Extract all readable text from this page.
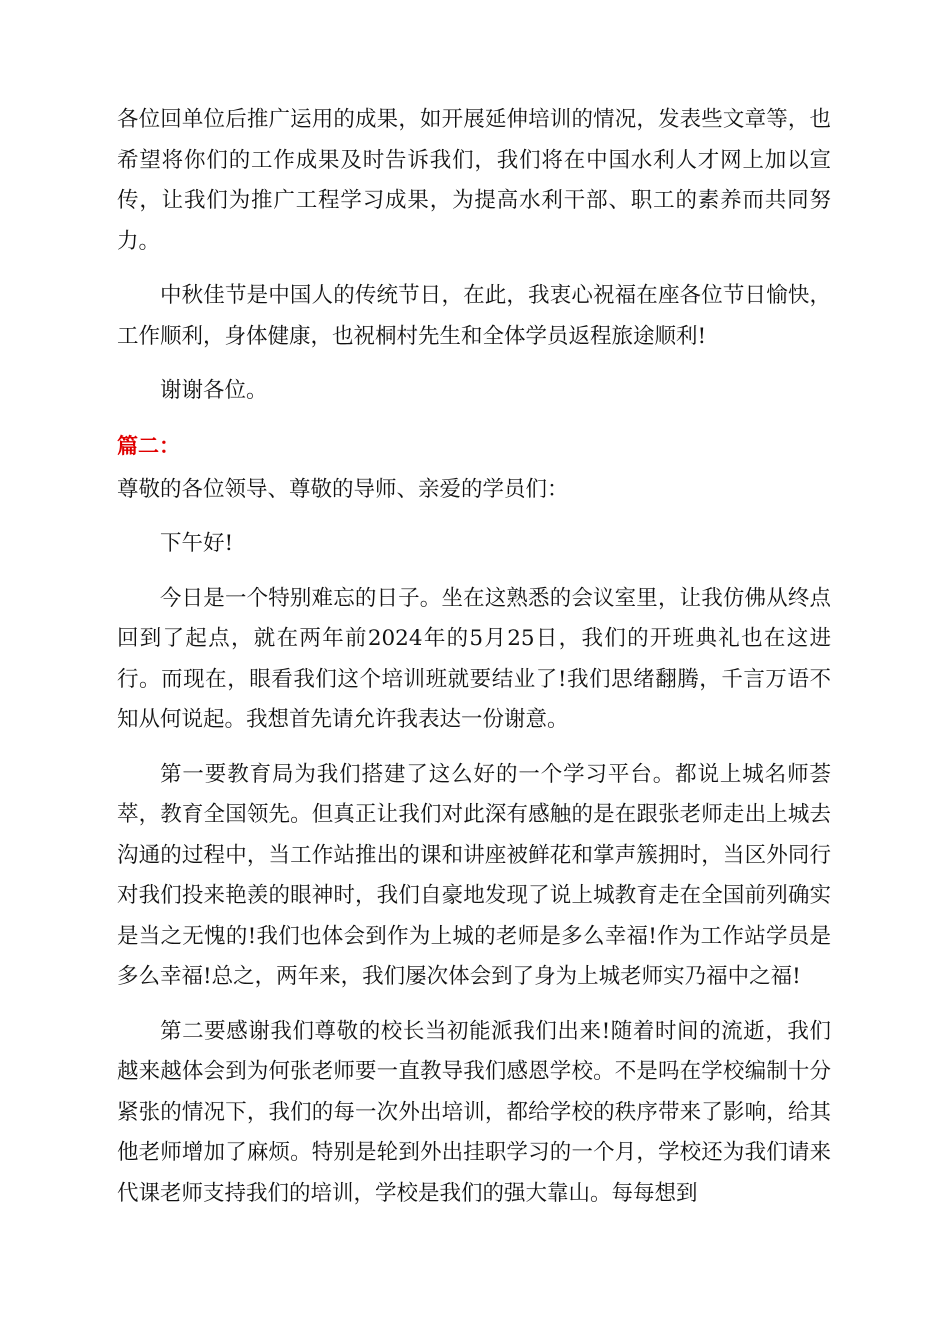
各位回单位后推广运用的成果，如开展延伸培训的情况，发表些文章等，也希望将你们的工作成果及时告诉我们，我们将在中国水利人才网上加以宣传，让我们为推广工程学习成果，为提高水利干部、职工的素养而共同努力。

中秋佳节是中国人的传统节日，在此，我衷心祝福在座各位节日愉快，工作顺利，身体健康，也祝桐村先生和全体学员返程旅途顺利!

谢谢各位。

篇二：

尊敬的各位领导、尊敬的导师、亲爱的学员们：

下午好!

今日是一个特别难忘的日子。坐在这熟悉的会议室里，让我仿佛从终点回到了起点，就在两年前2024年的5月25日，我们的开班典礼也在这进行。而现在，眼看我们这个培训班就要结业了!我们思绪翻腾，千言万语不知从何说起。我想首先请允许我表达一份谢意。

第一要教育局为我们搭建了这么好的一个学习平台。都说上城名师荟萃，教育全国领先。但真正让我们对此深有感触的是在跟张老师走出上城去沟通的过程中，当工作站推出的课和讲座被鲜花和掌声簇拥时，当区外同行对我们投来艳羡的眼神时，我们自豪地发现了说上城教育走在全国前列确实是当之无愧的!我们也体会到作为上城的老师是多么幸福!作为工作站学员是多么幸福!总之，两年来，我们屡次体会到了身为上城老师实乃福中之福!

第二要感谢我们尊敬的校长当初能派我们出来!随着时间的流逝，我们越来越体会到为何张老师要一直教导我们感恩学校。不是吗在学校编制十分紧张的情况下，我们的每一次外出培训，都给学校的秩序带来了影响，给其他老师增加了麻烦。特别是轮到外出挂职学习的一个月，学校还为我们请来代课老师支持我们的培训，学校是我们的强大靠山。每每想到
